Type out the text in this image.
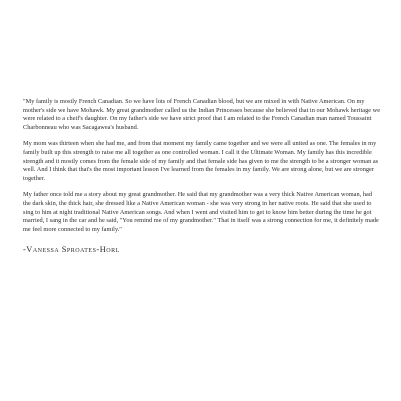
"My family is mostly French Canadian. So we have lots of French Canadian blood, but we are mixed in with Native American. On my mother's side we have Mohawk. My great grandmother called us the Indian Princesses because she believed that in our Mohawk heritage we were related to a cheif's daughter. On my father's side we have strict proof that I am related to the French Canadian man named Toussaint Charbonneau who was Sacagawea's husband.

My mom was thirteen when she had me, and from that moment my family came together and we were all united as one. The females in my family built up this strength to raise me all together as one controlled woman. I call it the Ultimate Woman. My family has this incredible strength and it mostly comes from the female side of my family and that female side has given to me the strength to be a stronger woman as well. And I think that that's the most important lesson I've learned from the females in my family. We are strong alone, but we are stronger together.

My father once told me a story about my great grandmother. He said that my grandmother was a very thick Native American woman, had the dark skin, the thick hair, she dressed like a Native American woman - she was very strong in her native roots. He said that she used to sing to him at night traditional Native American songs. And when I went and visited him to get to know him better during the time he got married, I sang in the car and he said, "You remind me of my grandmother." That in itself was a strong connection for me, it definitely made me feel more connected to my family."

-Vanessa Sproates-Horl
